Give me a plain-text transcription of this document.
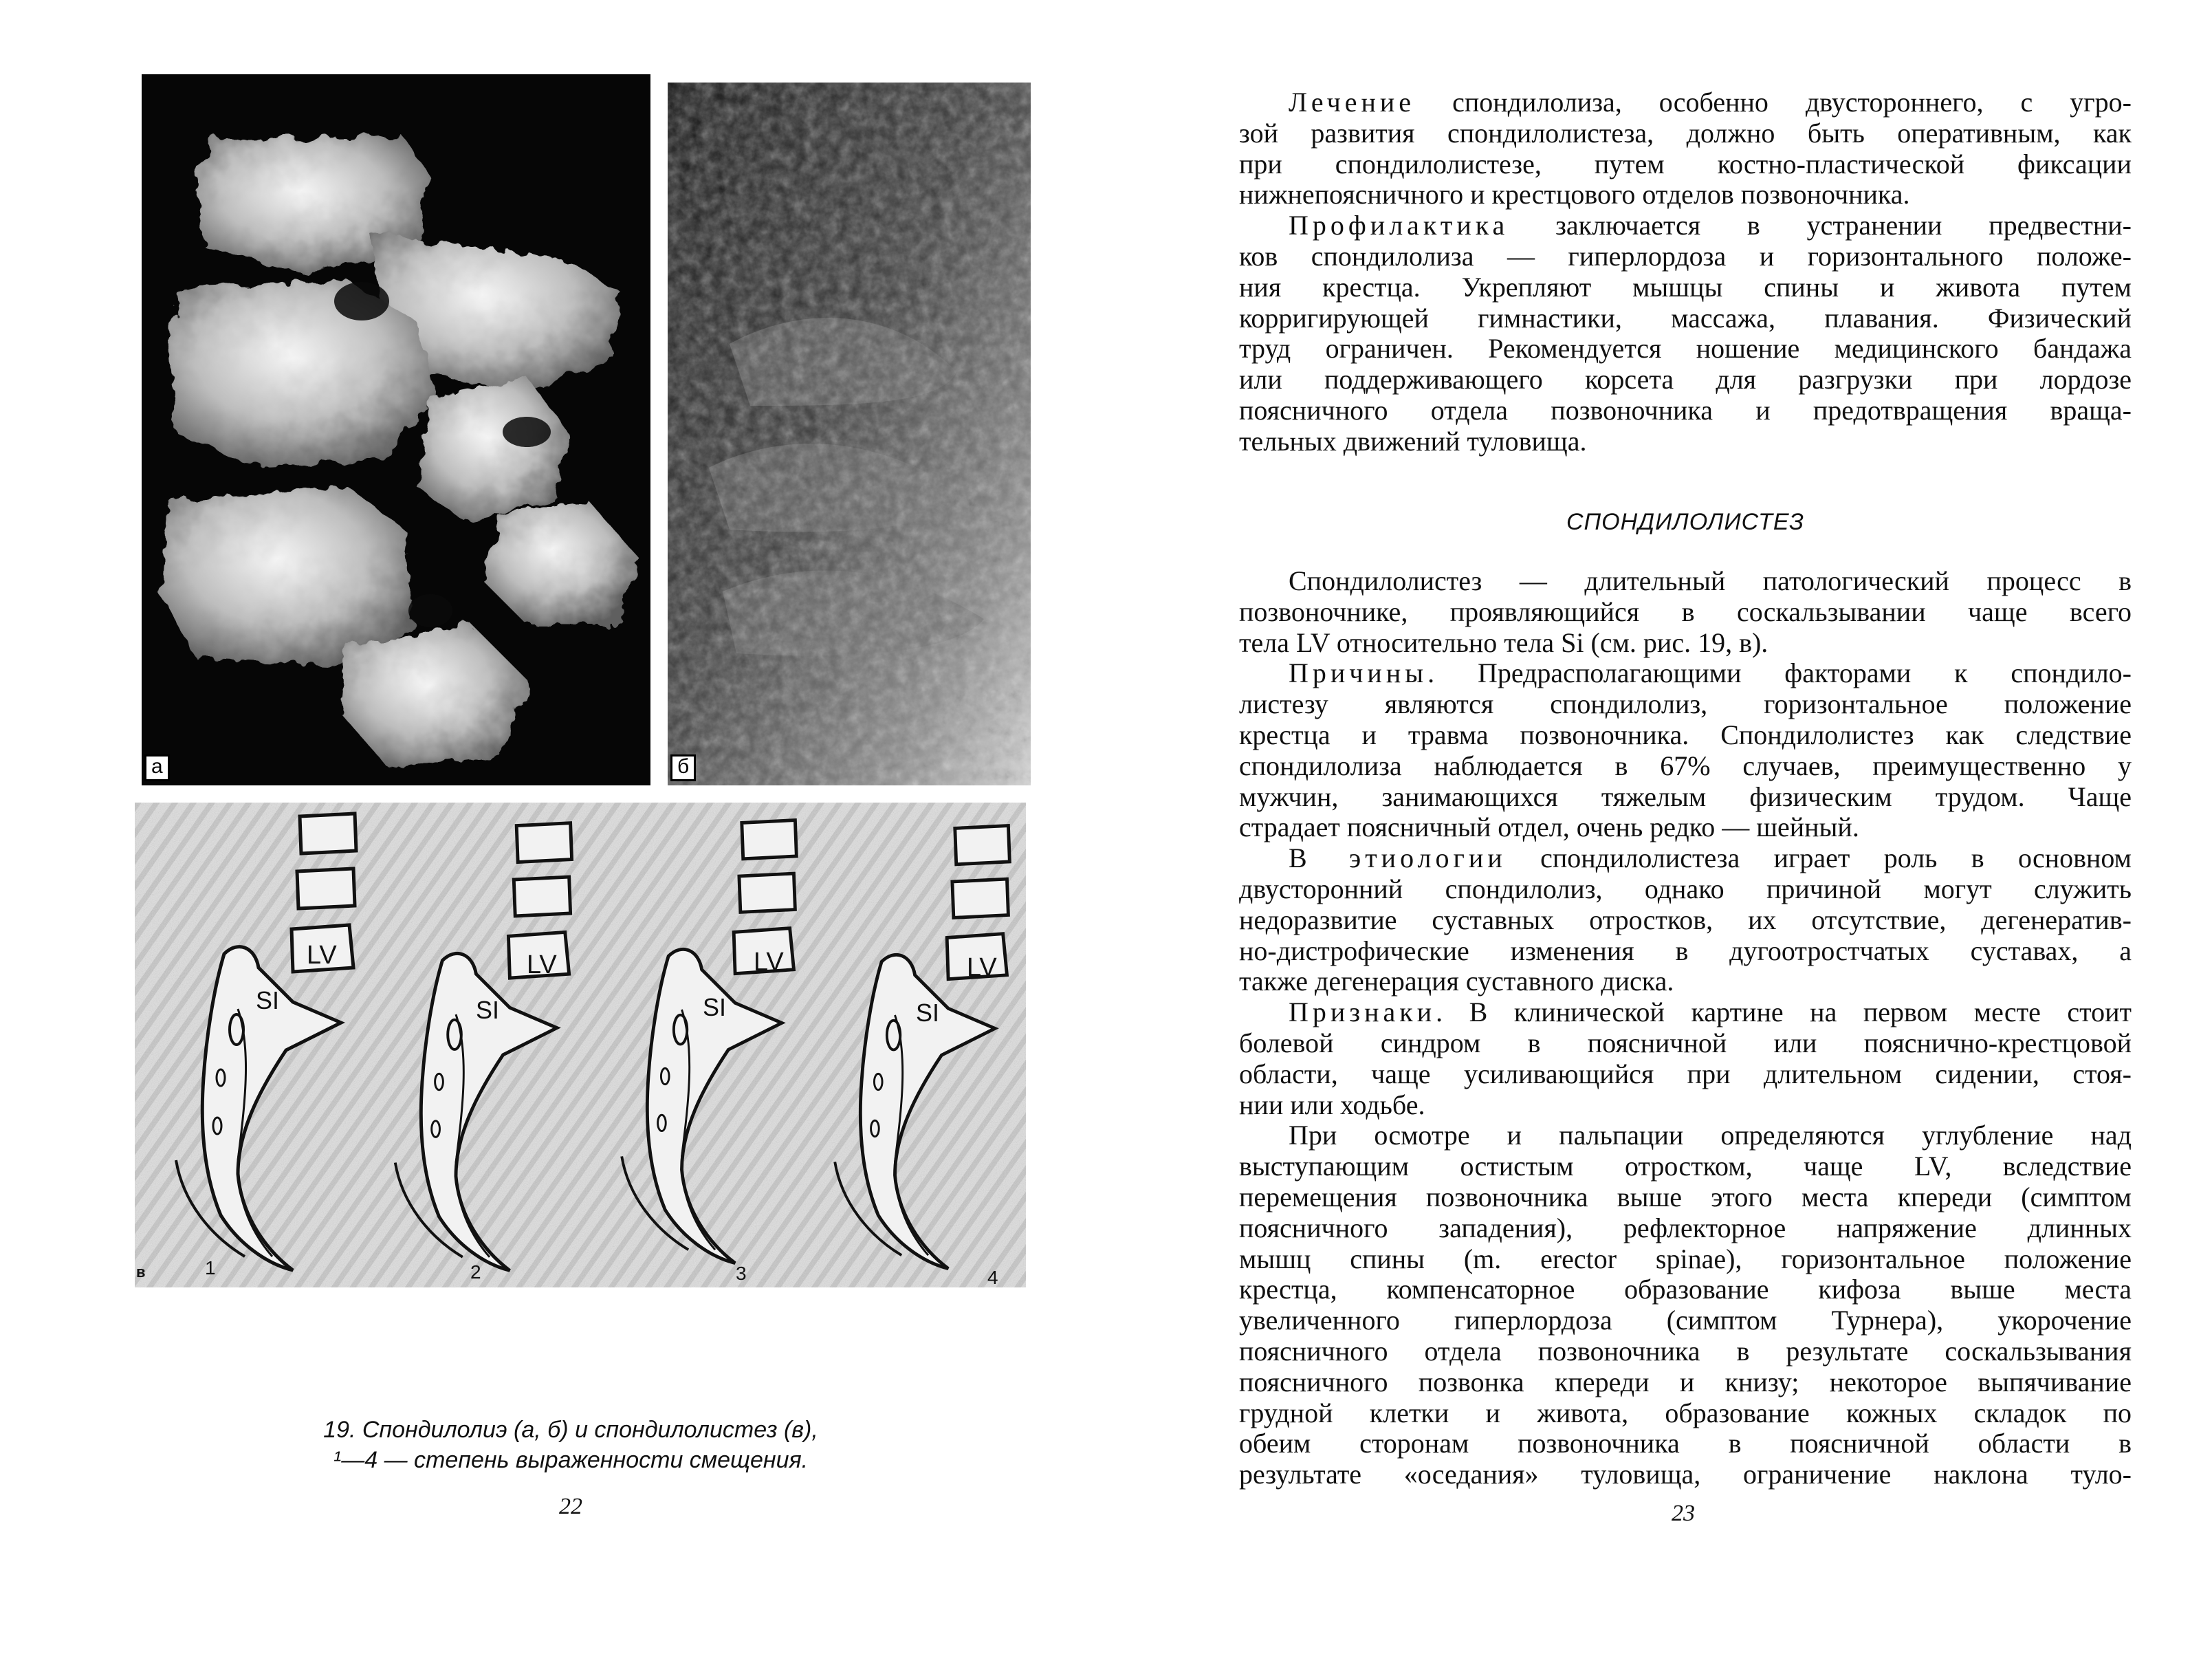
а	б
LV
SI
LV
SI
LV
SI
LV
SI
в	1	2	3	4
19. Спондилолиэ (а, б) и спондилолистез (в),
¹—4 — степень выраженности смещения.
22
Лечение спондилолиза, особенно двустороннего, с угро-
зой развития спондилолистеза, должно быть оперативным, как
при спондилолистезе, путем костно-пластической фиксации
нижнепоясничного и крестцового отделов позвоночника.
Профилактика заключается в устранении предвестни-
ков спондилолиза — гиперлордоза и горизонтального положе-
ния крестца. Укрепляют мышцы спины и живота путем
корригирующей гимнастики, массажа, плавания. Физический
труд ограничен. Рекомендуется ношение медицинского бандажа
или поддерживающего корсета для разгрузки при лордозе
поясничного отдела позвоночника и предотвращения враща-
тельных движений туловища.
СПОНДИЛОЛИСТЕЗ
Спондилолистез — длительный патологический процесс в
позвоночнике, проявляющийся в соскальзывании чаще всего
тела LV относительно тела Si (см. рис. 19, в).
Причины. Предрасполагающими факторами к спондило-
листезу являются спондилолиз, горизонтальное положение
крестца и травма позвоночника. Спондилолистез как следствие
спондилолиза наблюдается в 67% случаев, преимущественно у
мужчин, занимающихся тяжелым физическим трудом. Чаще
страдает поясничный отдел, очень редко — шейный.
В этиологии спондилолистеза играет роль в основном
двусторонний спондилолиз, однако причиной могут служить
недоразвитие суставных отростков, их отсутствие, дегенератив-
но-дистрофические изменения в дугоотростчатых суставах, а
также дегенерация суставного диска.
Признаки. В клинической картине на первом месте стоит
болевой синдром в поясничной или пояснично-крестцовой
области, чаще усиливающийся при длительном сидении, стоя-
нии или ходьбе.
При осмотре и пальпации определяются углубление над
выступающим остистым отростком, чаще LV, вследствие
перемещения позвоночника выше этого места кпереди (симптом
поясничного западения), рефлекторное напряжение длинных
мышц спины (m. erector spinae), горизонтальное положение
крестца, компенсаторное образование кифоза выше места
увеличенного гиперлордоза (симптом Турнера), укорочение
поясничного отдела позвоночника в результате соскальзывания
поясничного позвонка кпереди и книзу; некоторое выпячивание
грудной клетки и живота, образование кожных складок по
обеим сторонам позвоночника в поясничной области в
результате «оседания» туловища, ограничение наклона туло-
23
